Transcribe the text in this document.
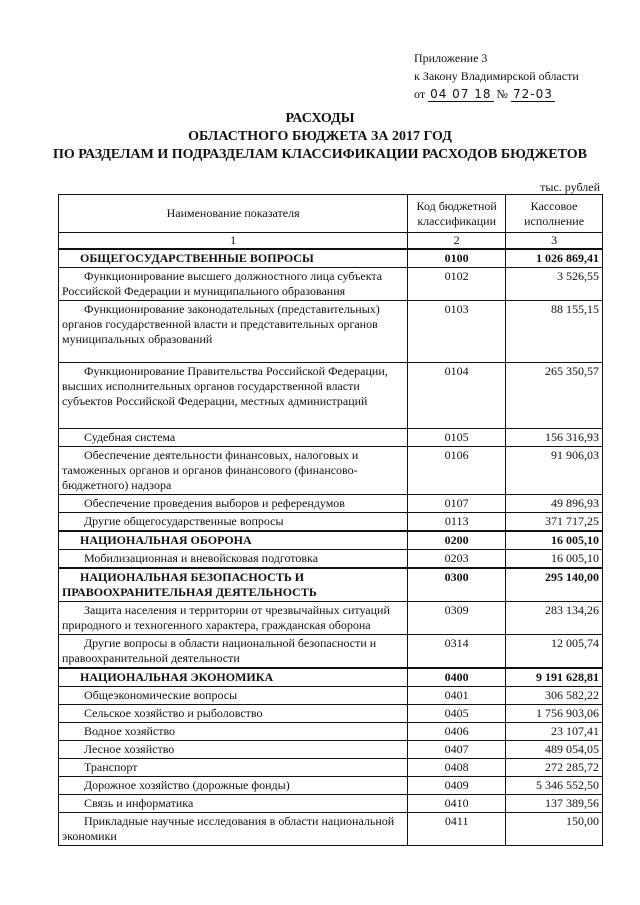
Приложение 3
к Закону Владимирской области
от 04 07 18 № 72-03
РАСХОДЫ
ОБЛАСТНОГО БЮДЖЕТА ЗА 2017 ГОД
ПО РАЗДЕЛАМ И ПОДРАЗДЕЛАМ КЛАССИФИКАЦИИ РАСХОДОВ БЮДЖЕТОВ
тыс. рублей
Наименование показателя	Код бюджетной классификации	Кассовое исполнение
1	2	3
ОБЩЕГОСУДАРСТВЕННЫЕ ВОПРОСЫ	0100	1 026 869,41
Функционирование высшего должностного лица субъекта Российской Федерации и муниципального образования	0102	3 526,55
Функционирование законодательных (представительных) органов государственной власти и представительных органов муниципальных образований	0103	88 155,15
Функционирование Правительства Российской Федерации, высших исполнительных органов государственной власти субъектов Российской Федерации, местных администраций	0104	265 350,57
Судебная система	0105	156 316,93
Обеспечение деятельности финансовых, налоговых и таможенных органов и органов финансового (финансово-бюджетного) надзора	0106	91 906,03
Обеспечение проведения выборов и референдумов	0107	49 896,93
Другие общегосударственные вопросы	0113	371 717,25
НАЦИОНАЛЬНАЯ ОБОРОНА	0200	16 005,10
Мобилизационная и вневойсковая подготовка	0203	16 005,10
НАЦИОНАЛЬНАЯ БЕЗОПАСНОСТЬ И ПРАВООХРАНИТЕЛЬНАЯ ДЕЯТЕЛЬНОСТЬ	0300	295 140,00
Защита населения и территории от чрезвычайных ситуаций природного и техногенного характера, гражданская оборона	0309	283 134,26
Другие вопросы в области национальной безопасности и правоохранительной деятельности	0314	12 005,74
НАЦИОНАЛЬНАЯ ЭКОНОМИКА	0400	9 191 628,81
Общеэкономические вопросы	0401	306 582,22
Сельское хозяйство и рыболовство	0405	1 756 903,06
Водное хозяйство	0406	23 107,41
Лесное хозяйство	0407	489 054,05
Транспорт	0408	272 285,72
Дорожное хозяйство (дорожные фонды)	0409	5 346 552,50
Связь и информатика	0410	137 389,56
Прикладные научные исследования в области национальной экономики	0411	150,00
